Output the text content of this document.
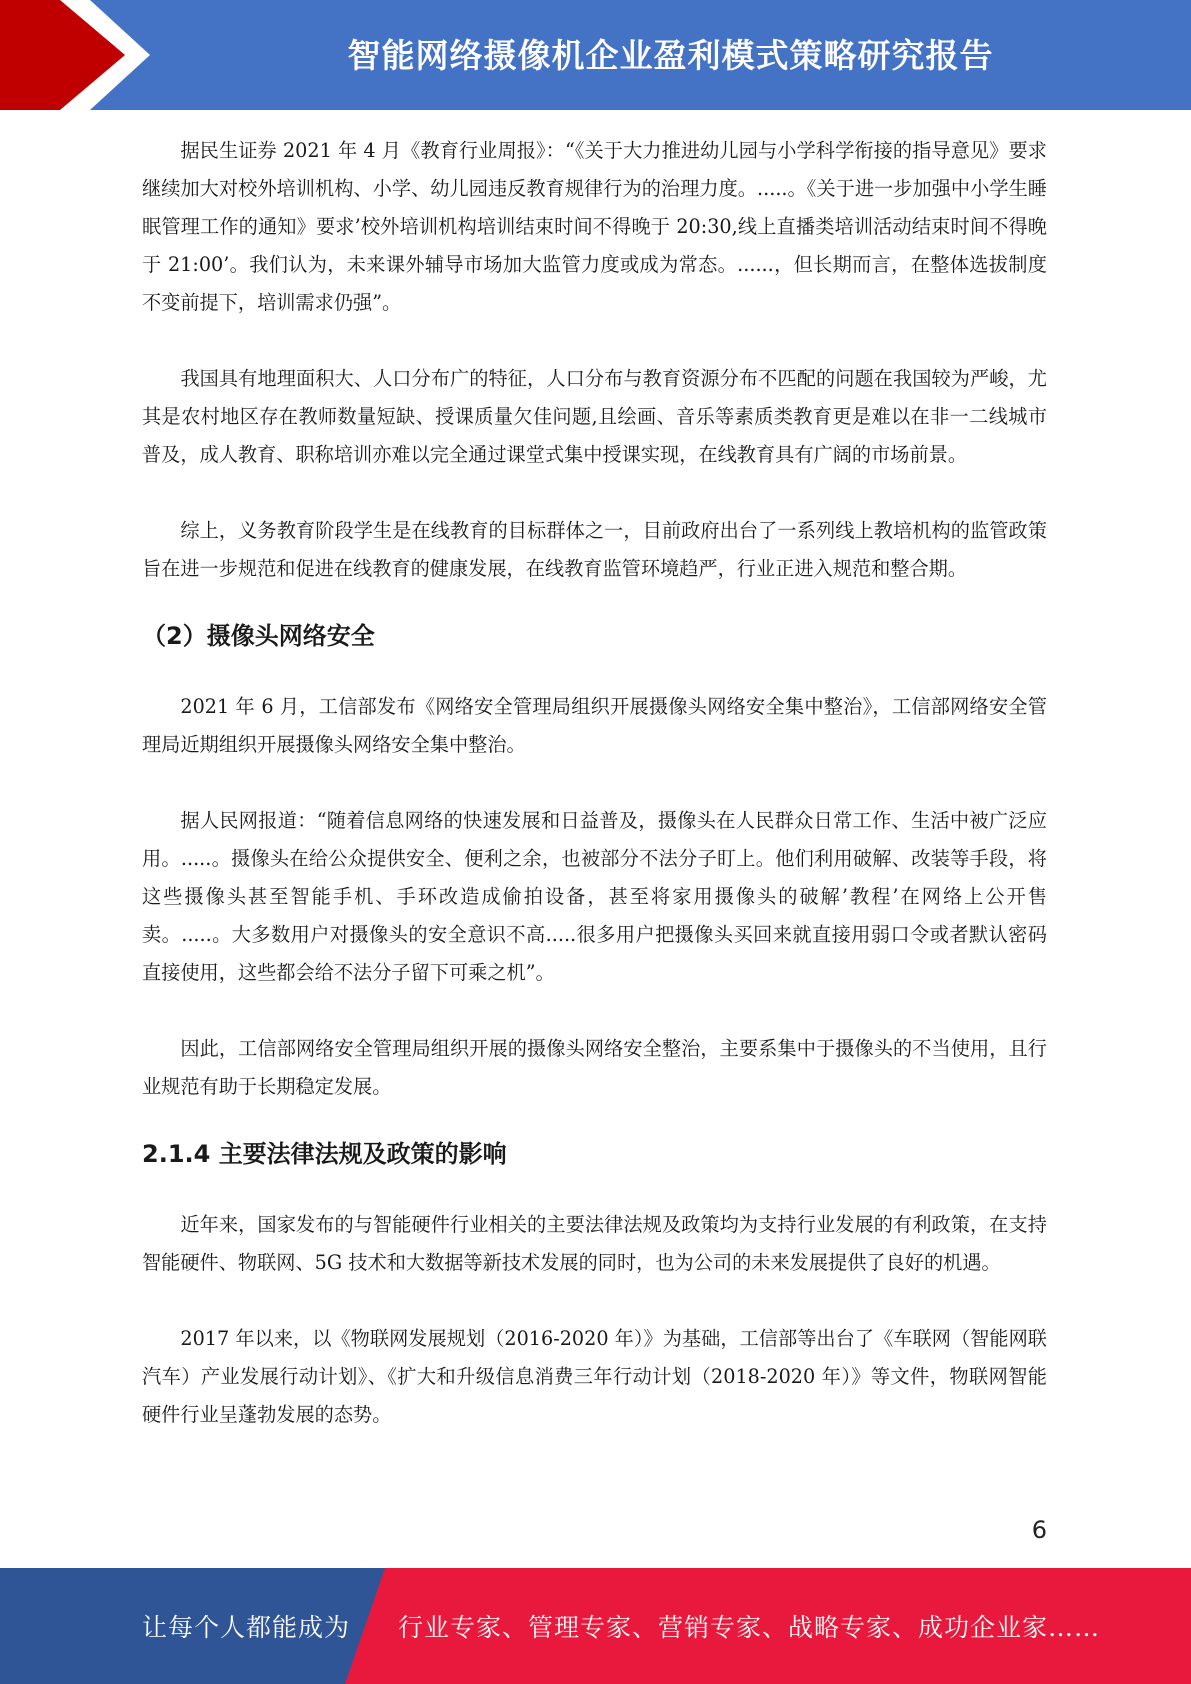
智能网络摄像机企业盈利模式策略研究报告

据民生证券 2021 年 4 月《教育行业周报》：“《关于大力推进幼儿园与小学科学衔接的指导意见》要求继续加大对校外培训机构、小学、幼儿园违反教育规律行为的治理力度。.....。《关于进一步加强中小学生睡眠管理工作的通知》要求’校外培训机构培训结束时间不得晚于 20:30,线上直播类培训活动结束时间不得晚于 21:00’。我们认为，未来课外辅导市场加大监管力度或成为常态。......，但长期而言，在整体选拔制度不变前提下，培训需求仍强”。

我国具有地理面积大、人口分布广的特征，人口分布与教育资源分布不匹配的问题在我国较为严峻，尤其是农村地区存在教师数量短缺、授课质量欠佳问题,且绘画、音乐等素质类教育更是难以在非一二线城市普及，成人教育、职称培训亦难以完全通过课堂式集中授课实现，在线教育具有广阔的市场前景。

综上，义务教育阶段学生是在线教育的目标群体之一，目前政府出台了一系列线上教培机构的监管政策旨在进一步规范和促进在线教育的健康发展，在线教育监管环境趋严，行业正进入规范和整合期。

（2）摄像头网络安全

2021 年 6 月，工信部发布《网络安全管理局组织开展摄像头网络安全集中整治》，工信部网络安全管理局近期组织开展摄像头网络安全集中整治。

据人民网报道：“随着信息网络的快速发展和日益普及，摄像头在人民群众日常工作、生活中被广泛应用。.....。摄像头在给公众提供安全、便利之余，也被部分不法分子盯上。他们利用破解、改装等手段，将这些摄像头甚至智能手机、手环改造成偷拍设备，甚至将家用摄像头的破解’教程’在网络上公开售卖。.....。大多数用户对摄像头的安全意识不高.....很多用户把摄像头买回来就直接用弱口令或者默认密码直接使用，这些都会给不法分子留下可乘之机”。

因此，工信部网络安全管理局组织开展的摄像头网络安全整治，主要系集中于摄像头的不当使用，且行业规范有助于长期稳定发展。

2.1.4 主要法律法规及政策的影响

近年来，国家发布的与智能硬件行业相关的主要法律法规及政策均为支持行业发展的有利政策，在支持智能硬件、物联网、5G 技术和大数据等新技术发展的同时，也为公司的未来发展提供了良好的机遇。

2017 年以来，以《物联网发展规划（2016-2020 年）》为基础，工信部等出台了《车联网（智能网联汽车）产业发展行动计划》、《扩大和升级信息消费三年行动计划（2018-2020 年）》等文件，物联网智能硬件行业呈蓬勃发展的态势。

6
让每个人都能成为 行业专家、管理专家、营销专家、战略专家、成功企业家……
